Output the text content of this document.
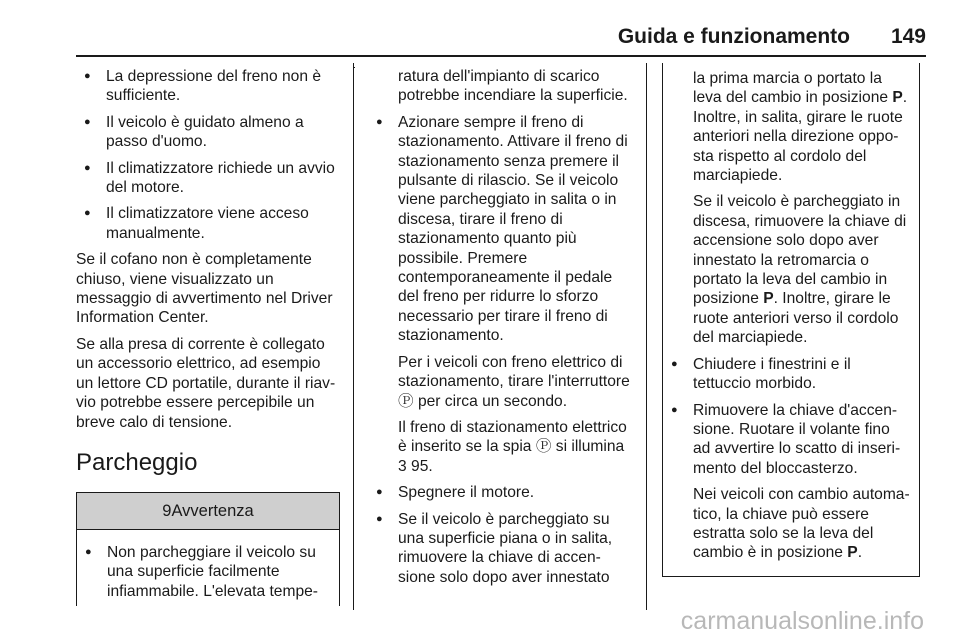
Guida e funzionamento 149
● La depressione del freno non è sufficiente.
● Il veicolo è guidato almeno a passo d'uomo.
● Il climatizzatore richiede un avvio del motore.
● Il climatizzatore viene acceso manualmente.

Se il cofano non è completamente chiuso, viene visualizzato un messaggio di avvertimento nel Driver Information Center.

Se alla presa di corrente è collegato un accessorio elettrico, ad esempio un lettore CD portatile, durante il riavvio potrebbe essere percepibile un breve calo di tensione.

Parcheggio
9Avvertenza
● Non parcheggiare il veicolo su una superficie facilmente infiammabile. L'elevata tempe-
ratura dell'impianto di scarico potrebbe incendiare la superficie.
● Azionare sempre il freno di stazionamento. Attivare il freno di stazionamento senza premere il pulsante di rilascio. Se il veicolo viene parcheggiato in salita o in discesa, tirare il freno di stazionamento quanto più possibile. Premere contemporaneamente il pedale del freno per ridurre lo sforzo necessario per tirare il freno di stazionamento.
Per i veicoli con freno elettrico di stazionamento, tirare l'interruttore Ⓟ per circa un secondo.
Il freno di stazionamento elettrico è inserito se la spia Ⓟ si illumina 3 95.
● Spegnere il motore.
● Se il veicolo è parcheggiato su una superficie piana o in salita, rimuovere la chiave di accensione solo dopo aver innestato
la prima marcia o portato la leva del cambio in posizione P. Inoltre, in salita, girare le ruote anteriori nella direzione opposta rispetto al cordolo del marciapiede.
Se il veicolo è parcheggiato in discesa, rimuovere la chiave di accensione solo dopo aver innestato la retromarcia o portato la leva del cambio in posizione P. Inoltre, girare le ruote anteriori verso il cordolo del marciapiede.
● Chiudere i finestrini e il tettuccio morbido.
● Rimuovere la chiave d'accensione. Ruotare il volante fino ad avvertire lo scatto di inserimento del bloccasterzo.
Nei veicoli con cambio automatico, la chiave può essere estratta solo se la leva del cambio è in posizione P.
carmanualsonline.info
